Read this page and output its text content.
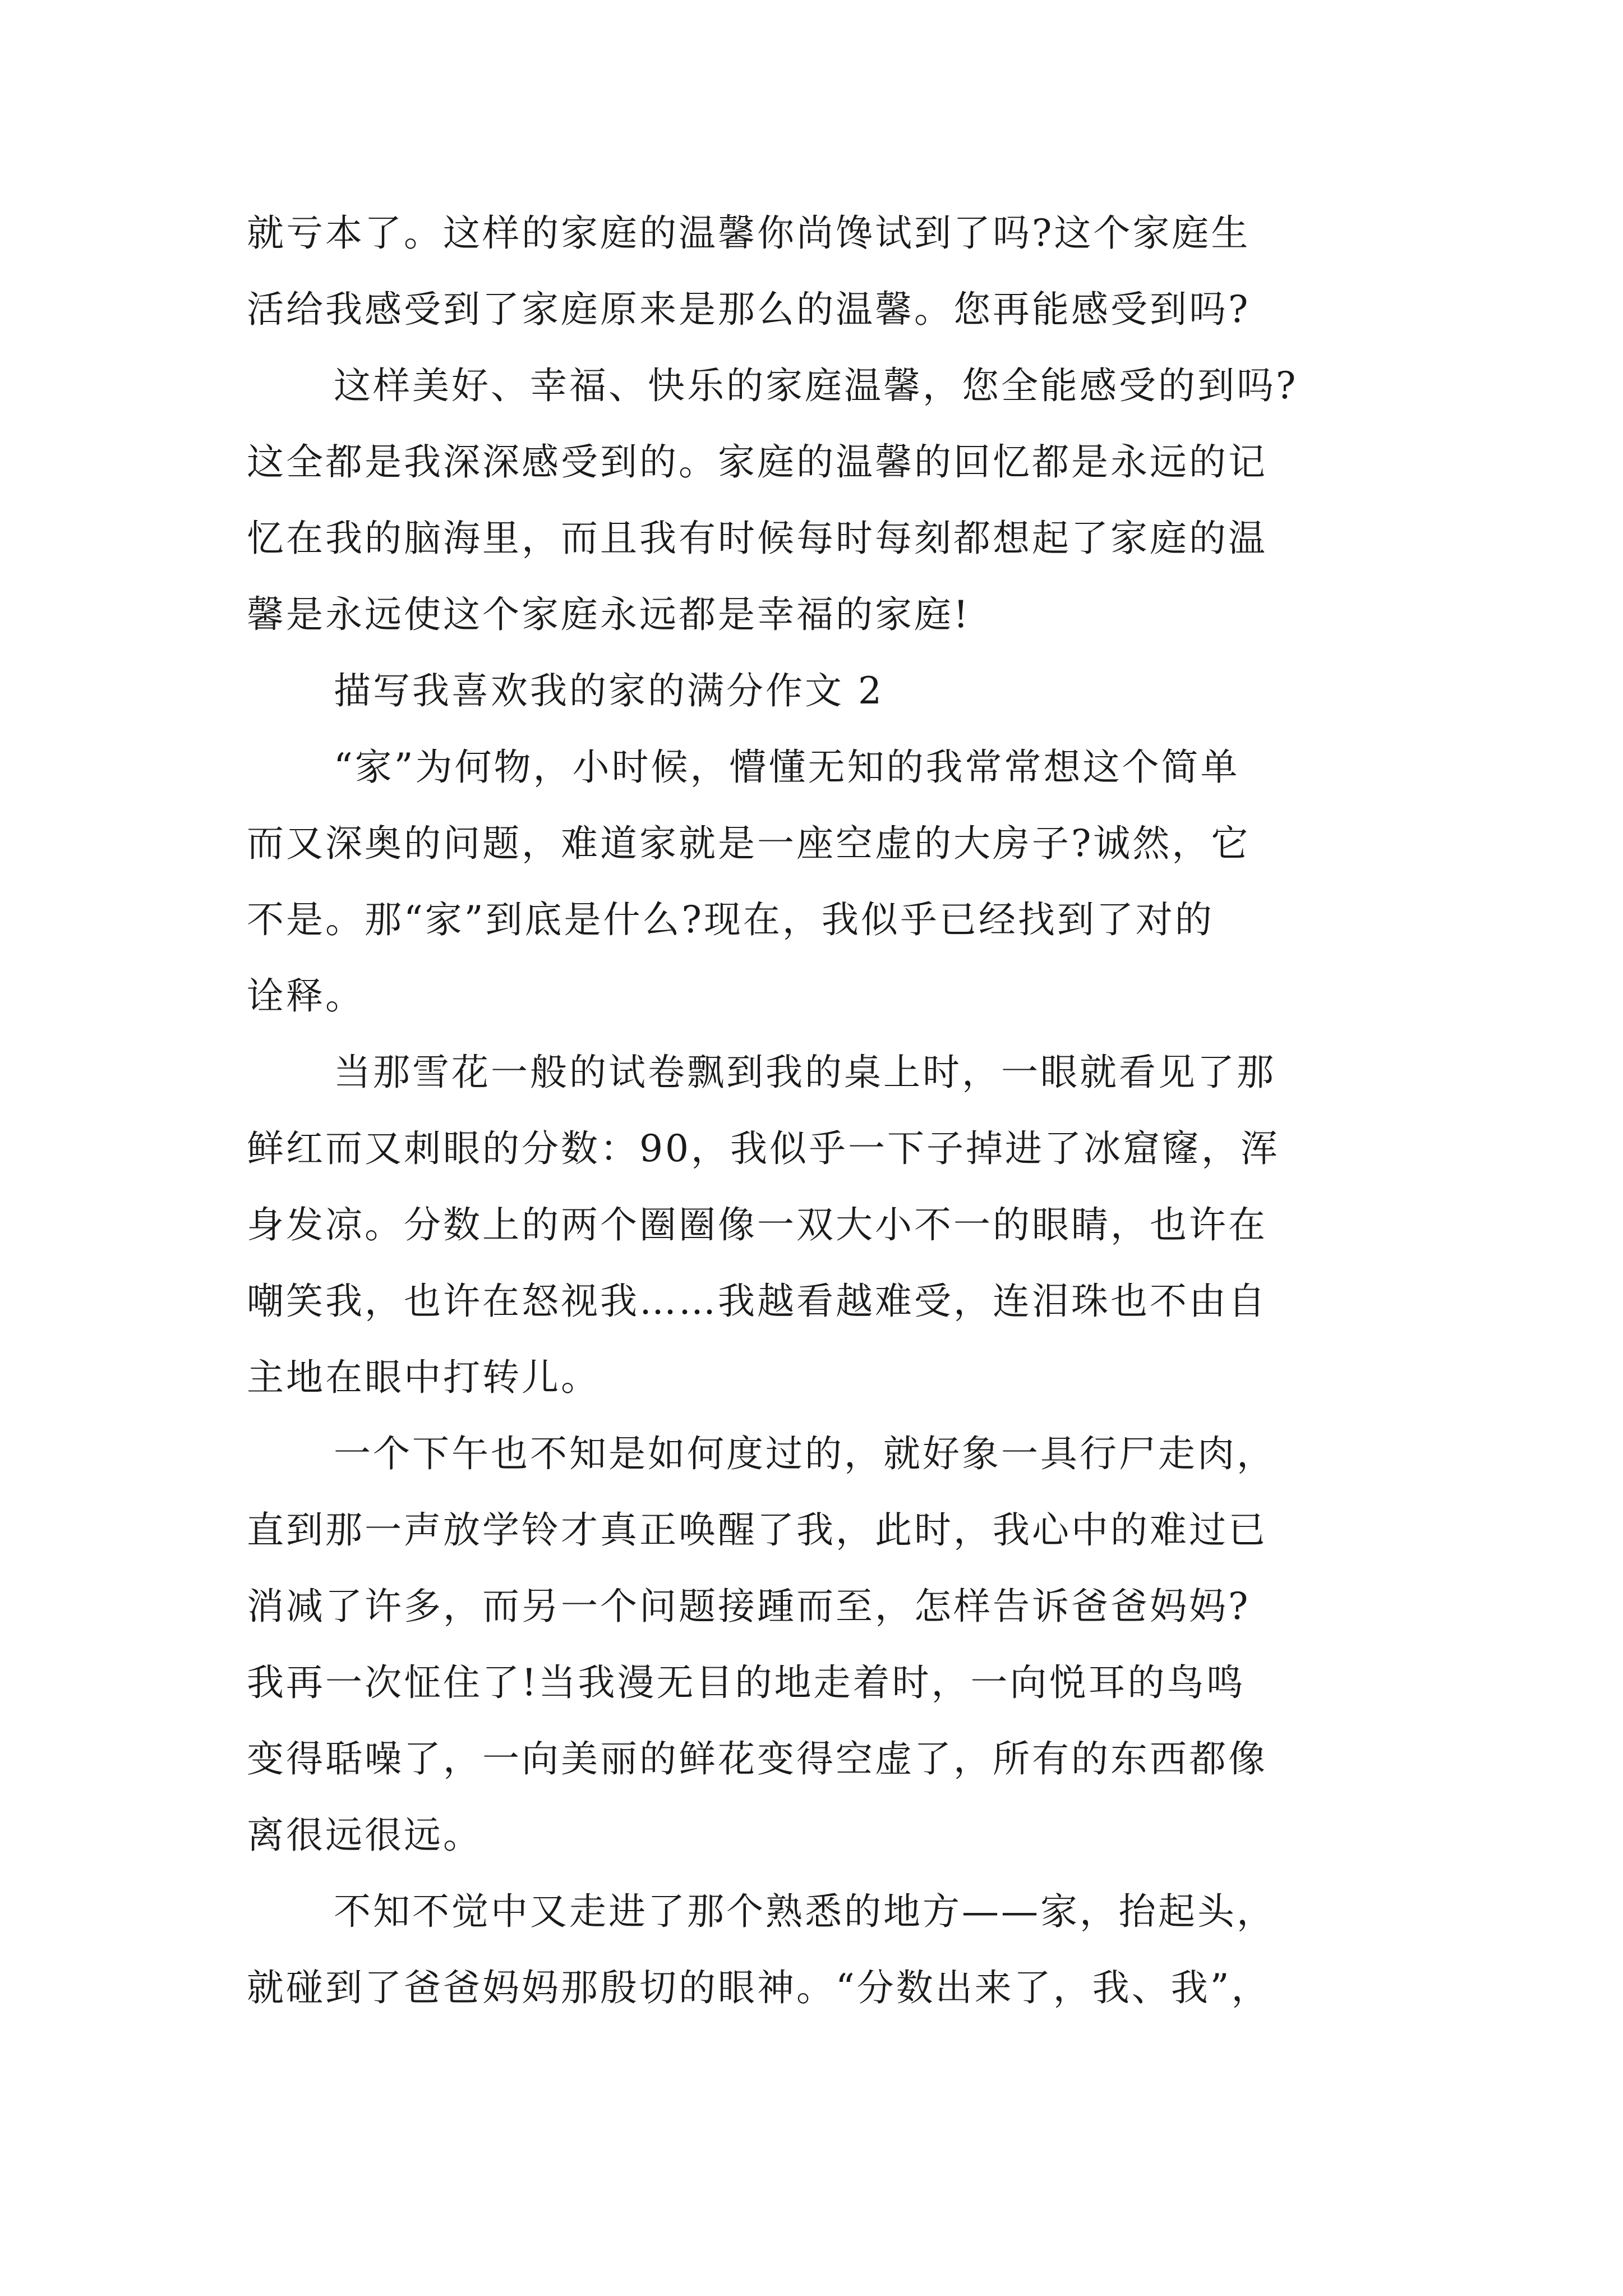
就亏本了。这样的家庭的温馨你尚馋试到了吗?这个家庭生
活给我感受到了家庭原来是那么的温馨。您再能感受到吗?
这样美好、幸福、快乐的家庭温馨，您全能感受的到吗?
这全都是我深深感受到的。家庭的温馨的回忆都是永远的记
忆在我的脑海里，而且我有时候每时每刻都想起了家庭的温
馨是永远使这个家庭永远都是幸福的家庭!
描写我喜欢我的家的满分作文 2
“家”为何物，小时候，懵懂无知的我常常想这个简单
而又深奥的问题，难道家就是一座空虚的大房子?诚然，它
不是。那“家”到底是什么?现在，我似乎已经找到了对的
诠释。
当那雪花一般的试卷飘到我的桌上时，一眼就看见了那
鲜红而又刺眼的分数：90，我似乎一下子掉进了冰窟窿，浑
身发凉。分数上的两个圈圈像一双大小不一的眼睛，也许在
嘲笑我，也许在怒视我……我越看越难受，连泪珠也不由自
主地在眼中打转儿。
一个下午也不知是如何度过的，就好象一具行尸走肉，
直到那一声放学铃才真正唤醒了我，此时，我心中的难过已
消减了许多，而另一个问题接踵而至，怎样告诉爸爸妈妈?
我再一次怔住了!当我漫无目的地走着时，一向悦耳的鸟鸣
变得聒噪了，一向美丽的鲜花变得空虚了，所有的东西都像
离很远很远。
不知不觉中又走进了那个熟悉的地方——家，抬起头，
就碰到了爸爸妈妈那殷切的眼神。“分数出来了，我、我”，
